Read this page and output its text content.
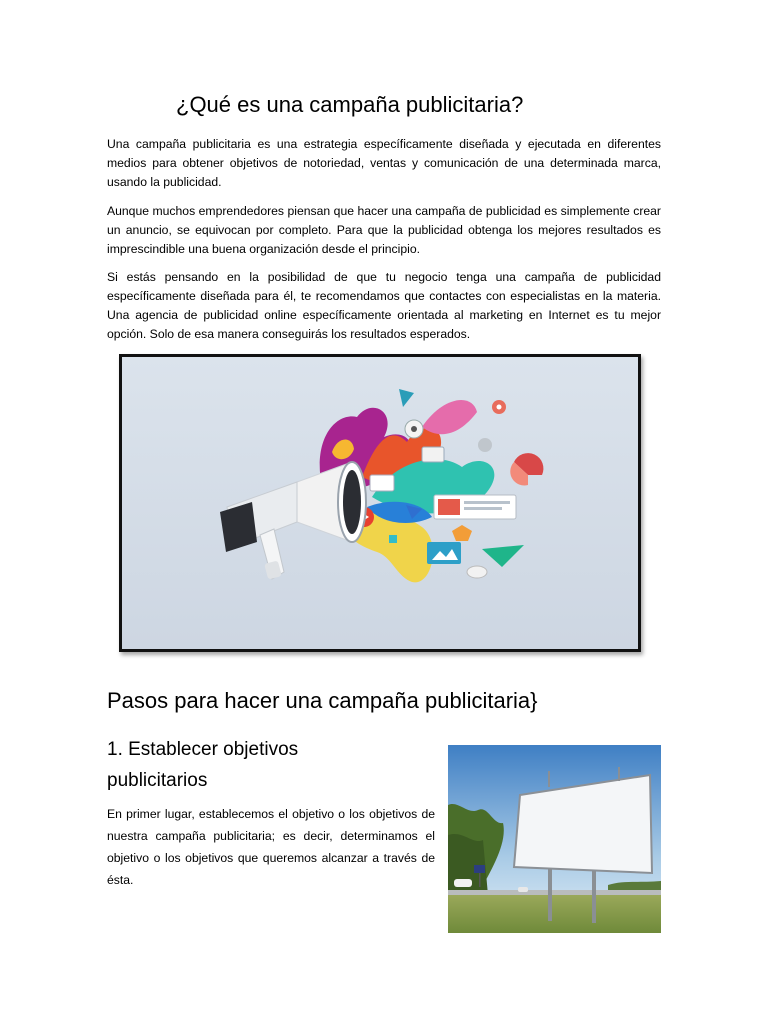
¿Qué es una campaña publicitaria?

Una campaña publicitaria es una estrategia específicamente diseñada y ejecutada en diferentes medios para obtener objetivos de notoriedad, ventas y comunicación de una determinada marca, usando la publicidad.

Aunque muchos emprendedores piensan que hacer una campaña de publicidad es simplemente crear un anuncio, se equivocan por completo. Para que la publicidad obtenga los mejores resultados es imprescindible una buena organización desde el principio.

Si estás pensando en la posibilidad de que tu negocio tenga una campaña de publicidad específicamente diseñada para él, te recomendamos que contactes con especialistas en la materia. Una agencia de publicidad online específicamente orientada al marketing en Internet es tu mejor opción. Solo de esa manera conseguirás los resultados esperados.

Pasos para hacer una campaña publicitaria}
1. Establecer objetivos publicitarios

En primer lugar, establecemos el objetivo o los objetivos de nuestra campaña publicitaria; es decir, determinamos el objetivo o los objetivos que queremos alcanzar a través de ésta.
